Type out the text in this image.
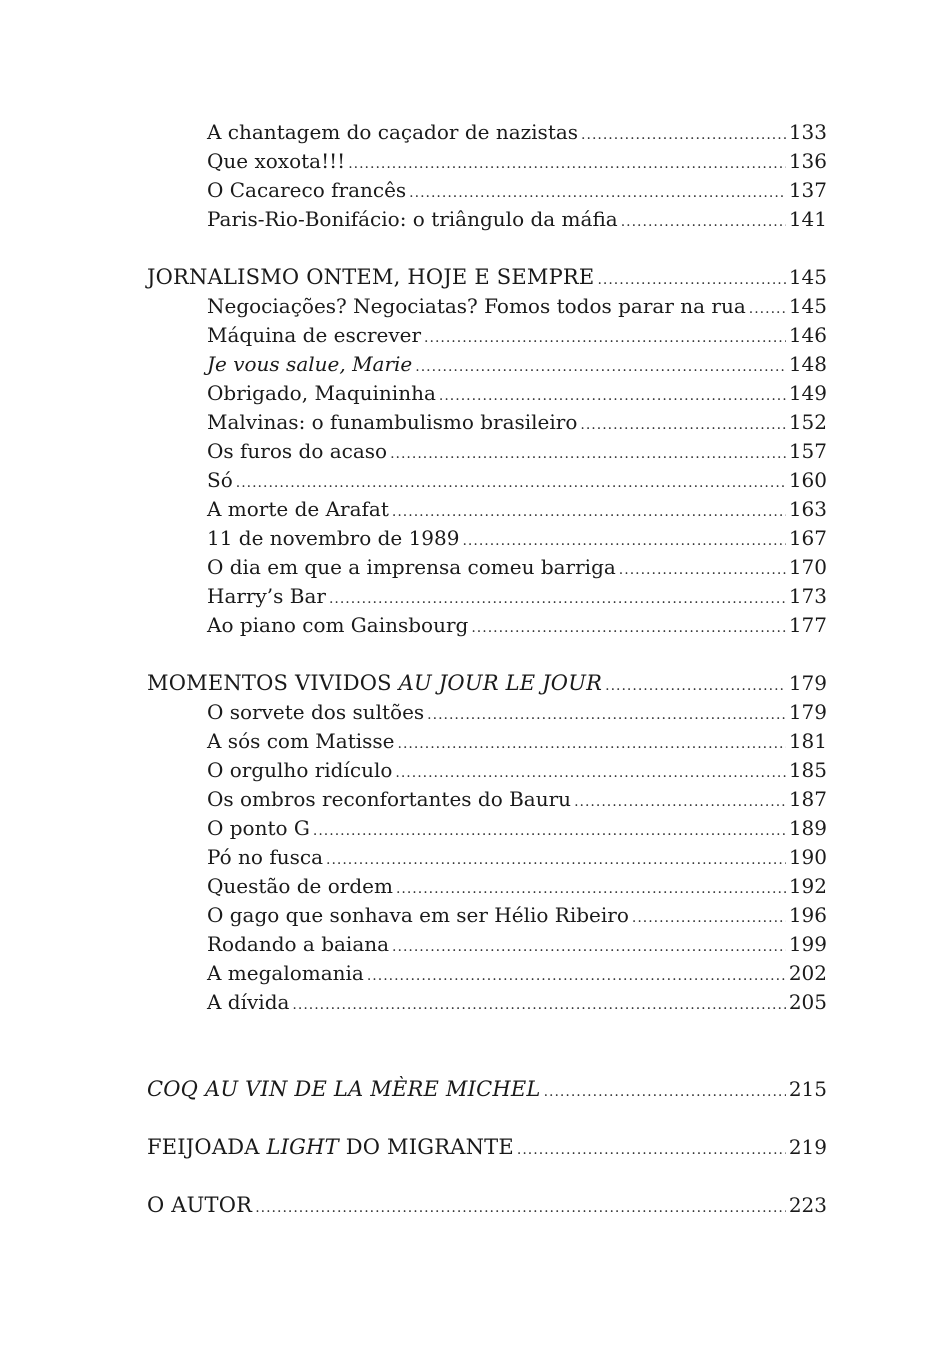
A chantagem do caçador de nazistas .....	133
Que xoxota!!! .....	136
O Cacareco francês .....	137
Paris-Rio-Bonifácio: o triângulo da máfia .....	141
JORNALISMO ONTEM, HOJE E SEMPRE .....	145
Negociações? Negociatas? Fomos todos parar na rua ..... 145
Máquina de escrever .....	146
Je vous salue, Marie .....	148
Obrigado, Maquininha .....	149
Malvinas: o funambulismo brasileiro .....	152
Os furos do acaso .....	157
Só .....	160
A morte de Arafat .....	163
11 de novembro de 1989 .....	167
O dia em que a imprensa comeu barriga .....	170
Harry’s Bar .....	173
Ao piano com Gainsbourg .....	177
MOMENTOS VIVIDOS AU JOUR LE JOUR .....	179
O sorvete dos sultões .....	179
A sós com Matisse .....	181
O orgulho ridículo .....	185
Os ombros reconfortantes do Bauru .....	187
O ponto G .....	189
Pó no fusca .....	190
Questão de ordem .....	192
O gago que sonhava em ser Hélio Ribeiro .....	196
Rodando a baiana .....	199
A megalomania .....	202
A dívida .....	205
COQ AU VIN DE LA MÈRE MICHEL .....	215
FEIJOADA LIGHT DO MIGRANTE .....	219
O AUTOR .....	223
